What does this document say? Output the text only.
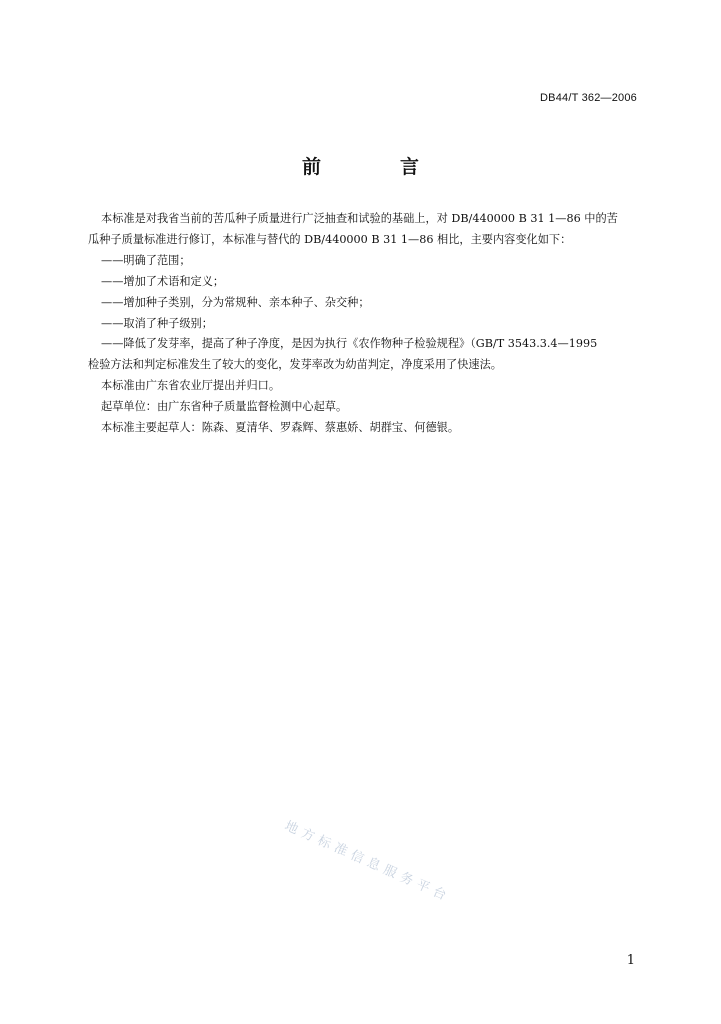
DB44/T 362—2006
前　言

本标准是对我省当前的苦瓜种子质量进行广泛抽查和试验的基础上，对 DB/440000 B 31 1—86 中的苦

瓜种子质量标准进行修订，本标准与替代的 DB/440000 B 31 1—86 相比，主要内容变化如下：

——明确了范围；

——增加了术语和定义；

——增加种子类别，分为常规种、亲本种子、杂交种；

——取消了种子级别；

——降低了发芽率，提高了种子净度，是因为执行《农作物种子检验规程》（GB/T 3543.3.4—1995

检验方法和判定标准发生了较大的变化，发芽率改为幼苗判定，净度采用了快速法。

本标准由广东省农业厅提出并归口。

起草单位：由广东省种子质量监督检测中心起草。

本标准主要起草人：陈森、夏清华、罗森辉、蔡惠娇、胡群宝、何德银。

地方标准信息服务平台
1
